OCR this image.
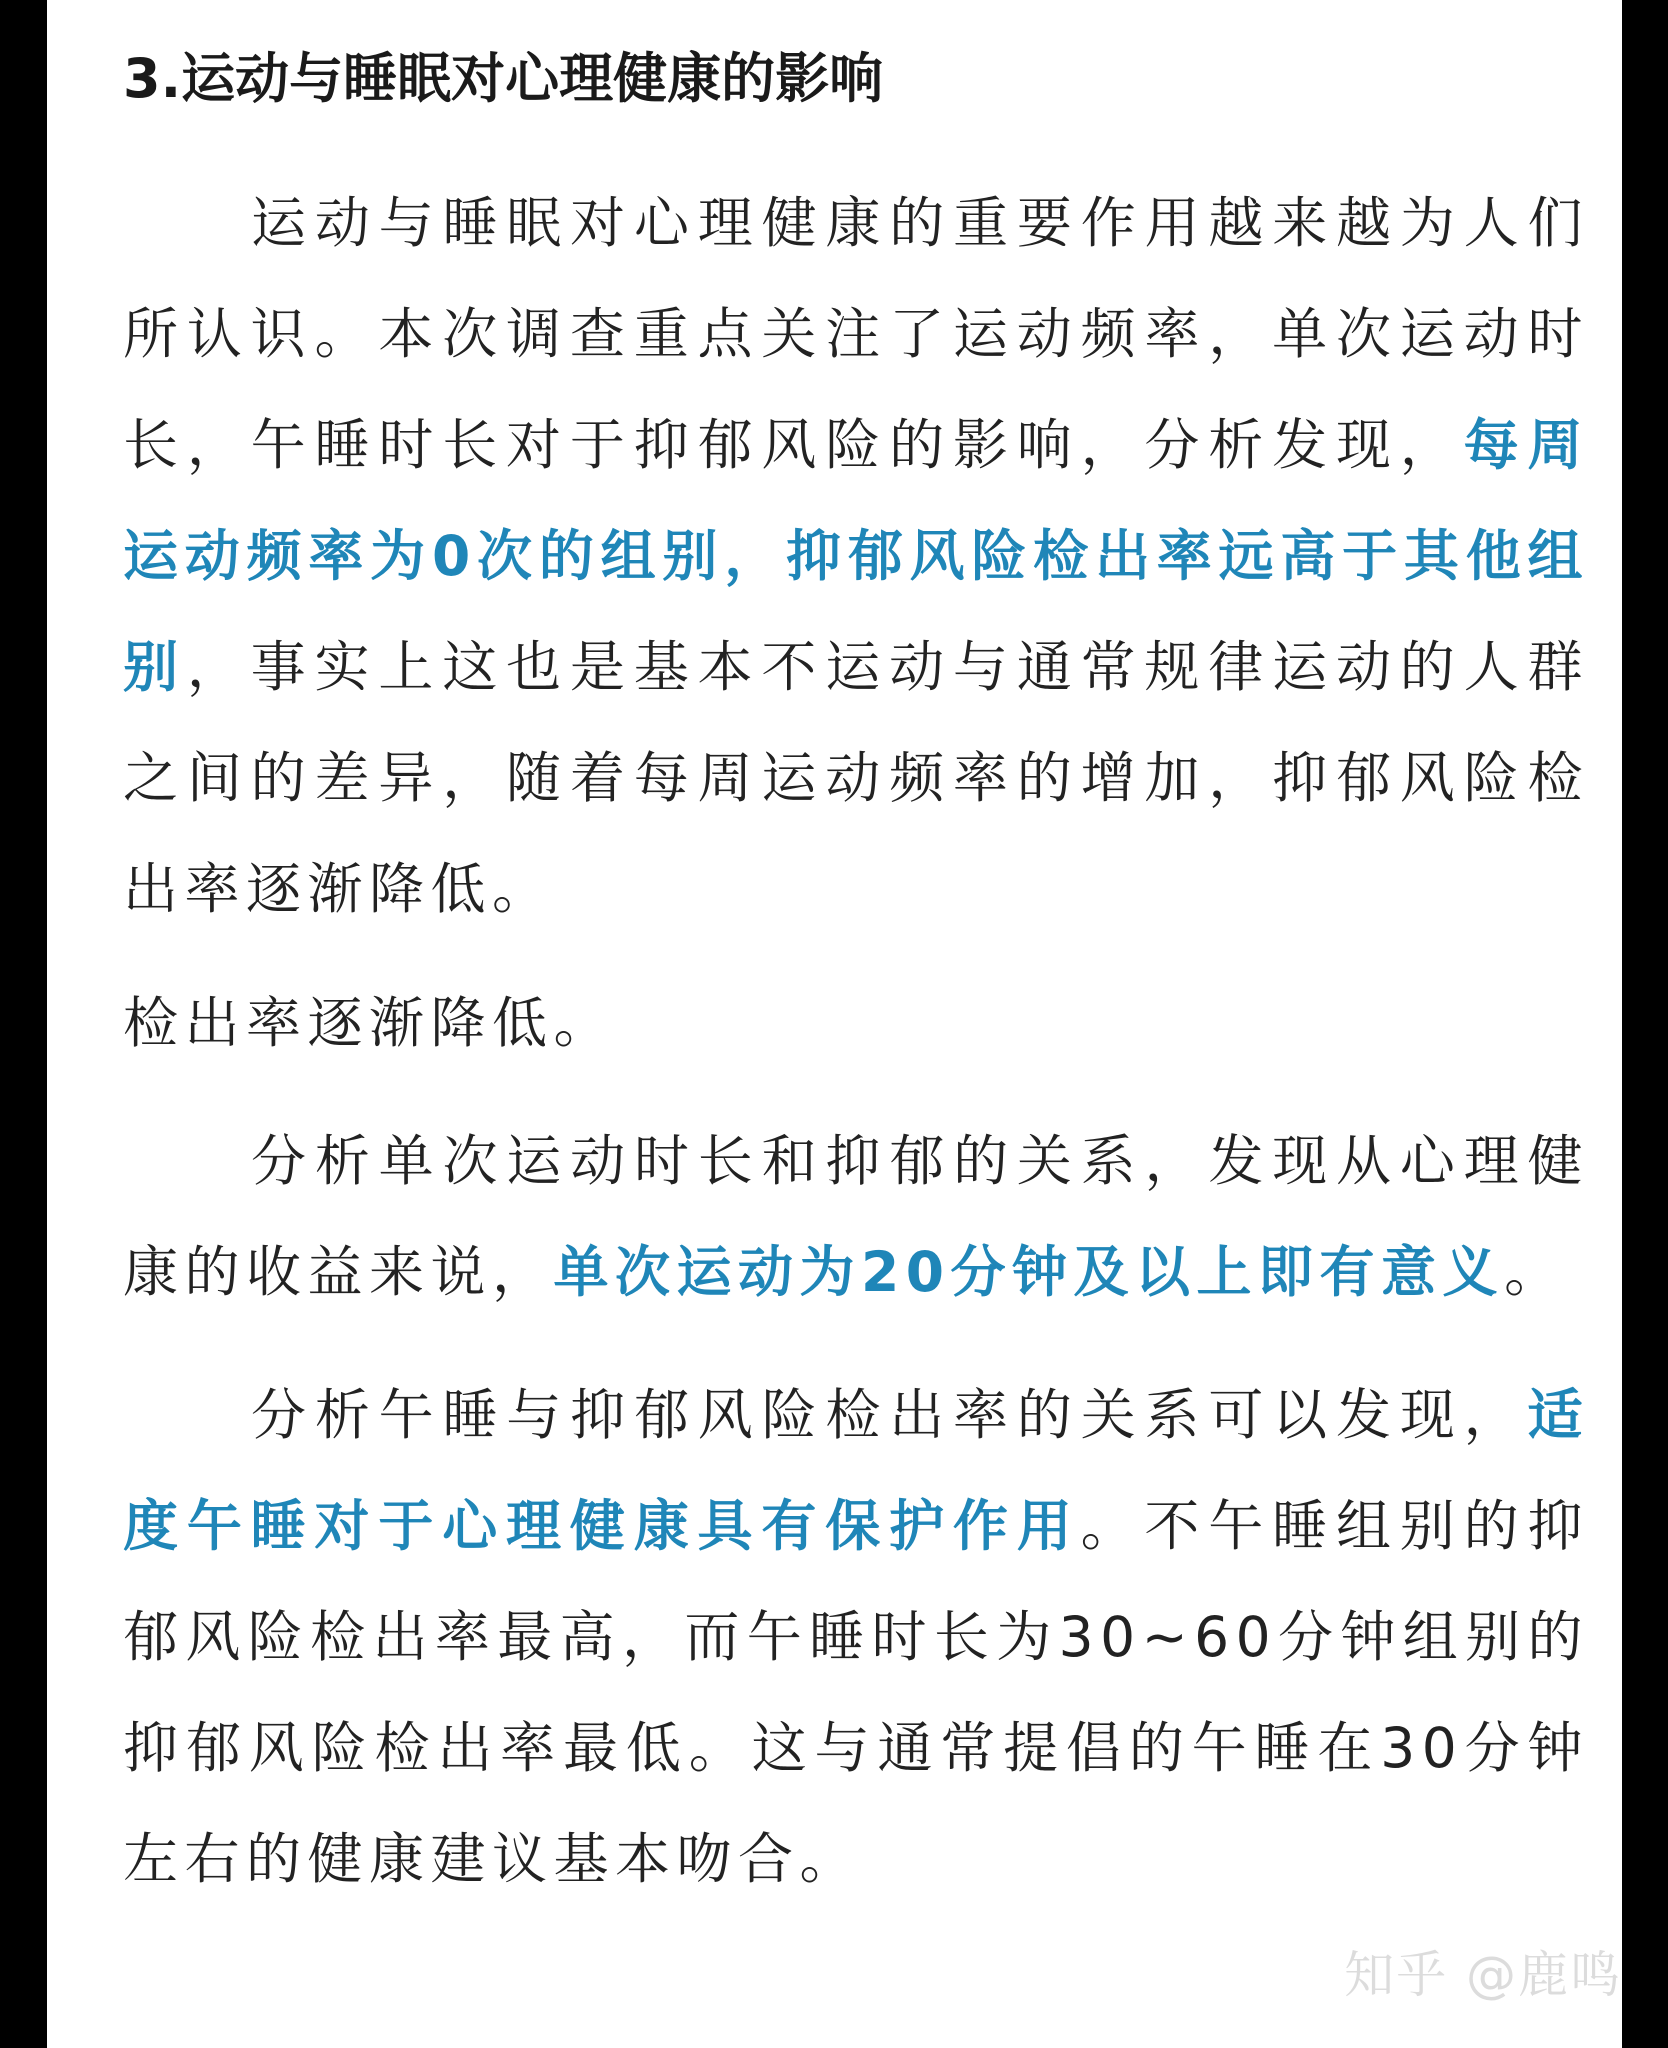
3.运动与睡眠对心理健康的影响

运动与睡眠对心理健康的重要作用越来越为人们所认识。本次调查重点关注了运动频率，单次运动时长，午睡时长对于抑郁风险的影响，分析发现，每周运动频率为0次的组别，抑郁风险检出率远高于其他组别，事实上这也是基本不运动与通常规律运动的人群之间的差异，随着每周运动频率的增加，抑郁风险检出率逐渐降低。

检出率逐渐降低。

分析单次运动时长和抑郁的关系，发现从心理健康的收益来说，单次运动为20分钟及以上即有意义。

分析午睡与抑郁风险检出率的关系可以发现，适度午睡对于心理健康具有保护作用。不午睡组别的抑郁风险检出率最高，而午睡时长为30~60分钟组别的抑郁风险检出率最低。这与通常提倡的午睡在30分钟左右的健康建议基本吻合。

知乎 @鹿鸣
